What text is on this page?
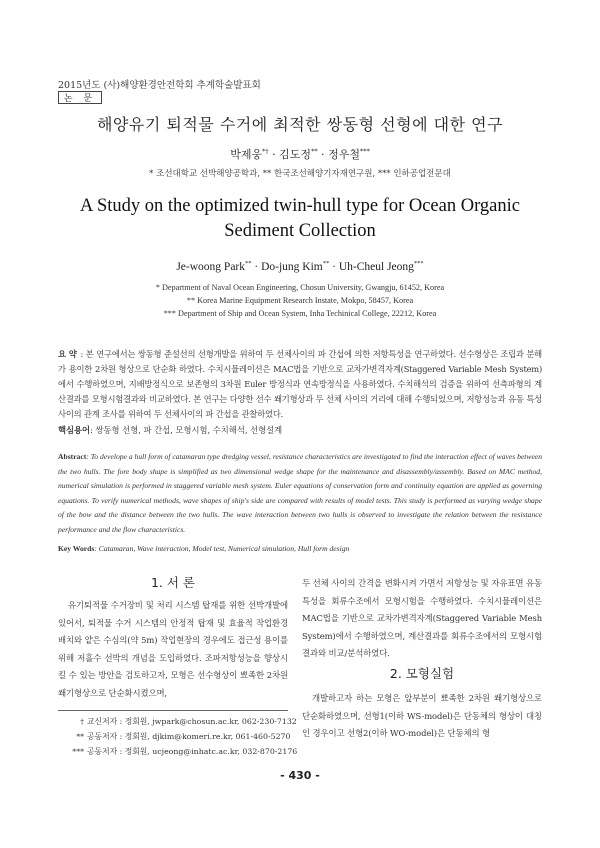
2015년도 (사)해양환경안전학회 추계학술발표회
논 문
해양유기 퇴적물 수거에 최적한 쌍동형 선형에 대한 연구
박제웅*† · 김도정** · 정우철***
* 조선대학교 선박해양공학과, ** 한국조선해양기자재연구원, *** 인하공업전문대
A Study on the optimized twin-hull type for Ocean Organic Sediment Collection
Je-woong Park** · Do-jung Kim** · Uh-Cheul Jeong***
* Department of Naval Ocean Engineering, Chosun University, Gwangju, 61452, Korea
** Korea Marine Equipment Research Instate, Mokpo, 58457, Korea
*** Department of Ship and Ocean System, Inha Techinical College, 22212, Korea
요 약 : 본 연구에서는 쌍동형 준설선의 선형개발을 위하여 두 선체사이의 파 간섭에 의한 저항특성을 연구하였다. 선수형상은 조립과 분해가 용이한 2차원 형상으로 단순화 하였다. 수치시뮬레이션은 MAC법을 기반으로 교차가변격자계(Staggered Variable Mesh System)에서 수행하였으며, 지배방정식으로 보존형의 3차원 Euler 방정식과 연속방정식을 사용하였다. 수치해석의 검증을 위하여 선측파형의 계산결과를 모형시험결과와 비교하였다. 본 연구는 다양한 선수 쐐기형상과 두 선체 사이의 거리에 대해 수행되었으며, 저항성능과 유동 특성 사이의 관계 조사를 위하여 두 선체사이의 파 간섭을 관찰하였다.
핵심용어: 쌍동형 선형, 파 간섭, 모형시험, 수치해석, 선형설계
Abstract: To develope a hull form of catamaran type dredging vessel, resistance characteristics are investigated to find the interaction effect of waves between the two hulls. The fore body shape is simplified as two dimensional wedge shape for the maintenance and disassembly/assembly. Based on MAC method, numerical simulation is performed in staggered variable mesh system. Euler equations of conservation form and continuity equation are applied as governing equations. To verify numerical methods, wave shapes of ship's side are compared with results of model tests. This study is performed as varying wedge shape of the bow and the distance between the two hulls. The wave interaction between two hulls is observed to investigate the relation between the resistance performance and the flow characteristics.
Key Words: Catamaran, Wave interaction, Model test, Numerical simulation, Hull form design
1. 서 론
유기퇴적물 수거장비 및 처리 시스템 탑재를 위한 선박개발에 있어서, 퇴적물 수거 시스템의 안정적 탑재 및 효율적 작업환경 배치와 얕은 수심의(약 5m) 작업현장의 경우에도 접근성 용이를 위해 저흘수 선박의 개념을 도입하였다. 조파저항성능을 향상시킬 수 있는 방안을 검토하고자, 모형은 선수형상이 뾰족한 2차원 쐐기형상으로 단순화시켰으며,
두 선체 사이의 간격을 변화시켜 가면서 저항성능 및 자유표면 유동특성을 회류수조에서 모형시험을 수행하였다. 수치시뮬레이션은 MAC법을 기반으로 교차가변격자계(Staggered Variable Mesh System)에서 수행하였으며, 계산결과를 회류수조에서의 모형시험결과와 비교/분석하였다.
2. 모형실험
개발하고자 하는 모형은 앞부분이 뾰족한 2차원 쐐기형상으로 단순화하였으며, 선형1(이하 WS-model)은 단동체의 형상이 대칭인 경우이고 선형2(이하 WO-model)은 단동체의 형
† 교신저자 : 정회원, jwpark@chosun.ac.kr, 062-230-7132
** 공동저자 : 정회원, djkim@komeri.re.kr, 061-460-5270
*** 공동저자 : 정회원, ucjeong@inhatc.ac.kr, 032-870-2176
- 430 -
